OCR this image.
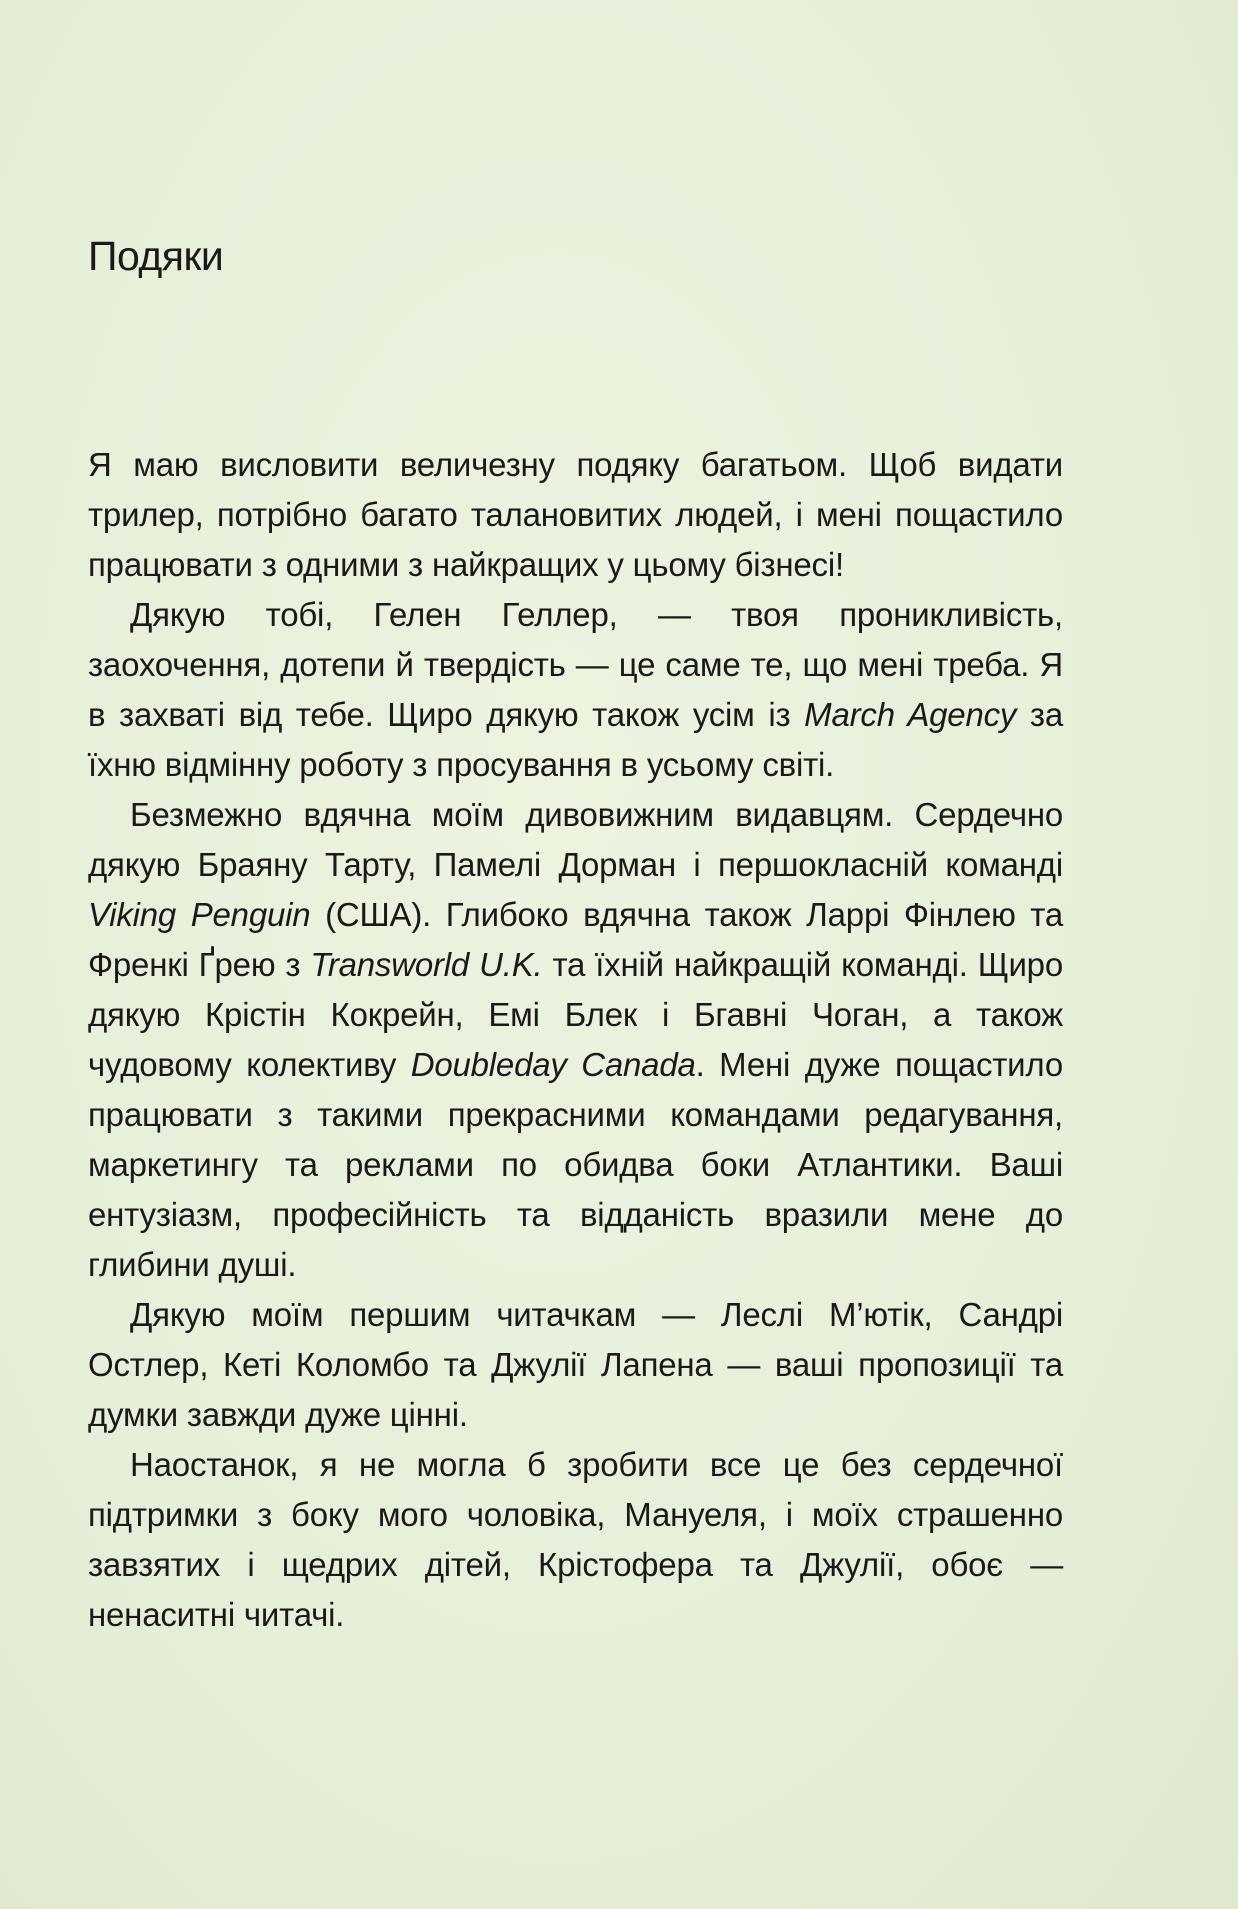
Подяки

Я маю висловити величезну подяку багатьом. Щоб видати трилер, потрібно багато талановитих людей, і мені пощастило працювати з одними з найкращих у цьому бізнесі!

Дякую тобі, Гелен Геллер, — твоя проникливість, заохочення, дотепи й твердість — це саме те, що мені треба. Я в захваті від тебе. Щиро дякую також усім із March Agency за їхню відмінну роботу з просування в усьому світі.

Безмежно вдячна моїм дивовижним видавцям. Сердечно дякую Браяну Тарту, Памелі Дорман і першокласній команді Viking Penguin (США). Глибоко вдячна також Ларрі Фінлею та Френкі Ґрею з Transworld U.K. та їхній найкращій команді. Щиро дякую Крістін Кокрейн, Емі Блек і Бгавні Чоган, а також чудовому колективу Doubleday Canada. Мені дуже пощастило працювати з такими прекрасними командами редагування, маркетингу та реклами по обидва боки Атлантики. Ваші ентузіазм, професійність та відданість вразили мене до глибини душі.

Дякую моїм першим читачкам — Леслі М’ютік, Сандрі Остлер, Кеті Коломбо та Джулії Лапена — ваші пропозиції та думки завжди дуже цінні.

Наостанок, я не могла б зробити все це без сердечної підтримки з боку мого чоловіка, Мануеля, і моїх страшенно завзятих і щедрих дітей, Крістофера та Джулії, обоє — ненаситні читачі.
